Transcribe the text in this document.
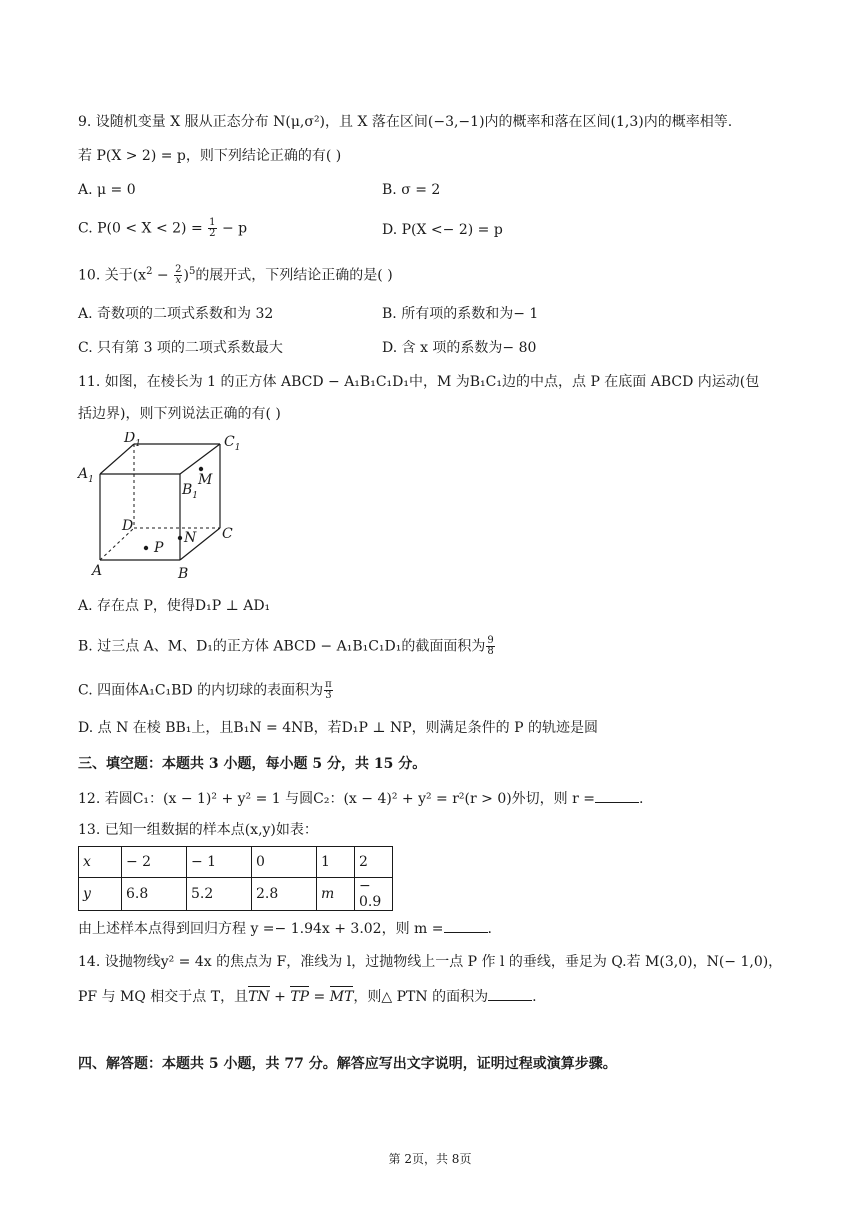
9. 设随机变量 X 服从正态分布 N(μ,σ²)，且 X 落在区间(−3,−1)内的概率和落在区间(1,3)内的概率相等.
若 P(X > 2) = p，则下列结论正确的有( )
A. μ = 0	B. σ = 2
C. $P(0 < X < 2) = \frac{1}{2} - p$	D. P(X <− 2) = p
10. 关于$(x^2 - \frac{2}{x} )^5$的展开式，下列结论正确的是( )
A. 奇数项的二项式系数和为 32	B. 所有项的系数和为− 1
C. 只有第 3 项的二项式系数最大	D. 含 x 项的系数为− 80
11. 如图，在棱长为 1 的正方体 ABCD − A₁B₁C₁D₁中，M 为B₁C₁边的中点，点 P 在底面 ABCD 内运动(包
括边界)，则下列说法正确的有( )
$D_1$	$C_1$
$A_1$
$B_1$
M
D	C
N
P
A	B
A. 存在点 P，使得D₁P ⊥ AD₁
B. 过三点 A、M、D₁的正方体 ABCD − A₁B₁C₁D₁的截面面积为 $\frac{9}{8}$
C. 四面体A₁C₁BD 的内切球的表面积为 $\frac{\pi}{3}$
D. 点 N 在棱 BB₁上，且B₁N = 4NB，若D₁P ⊥ NP，则满足条件的 P 的轨迹是圆
三、填空题：本题共 3 小题，每小题 5 分，共 15 分。
12. 若圆C₁：(x − 1)² + y² = 1 与圆C₂：(x − 4)² + y² = r²(r > 0)外切，则 r =	.
13. 已知一组数据的样本点(x,y)如表：
x	− 2	− 1	0	1	2
y	6.8	5.2	2.8	m	− 0.9
由上述样本点得到回归方程 y =− 1.94x + 3.02，则 m =	.
14. 设抛物线y² = 4x 的焦点为 F，准线为 l，过抛物线上一点 P 作 l 的垂线，垂足为 Q.若 M(3,0)，N(− 1,0)，
PF 与 MQ 相交于点 T，且TN + TP = MT，则△ PTN 的面积为	.
四、解答题：本题共 5 小题，共 77 分。解答应写出文字说明，证明过程或演算步骤。
第 2页，共 8页
